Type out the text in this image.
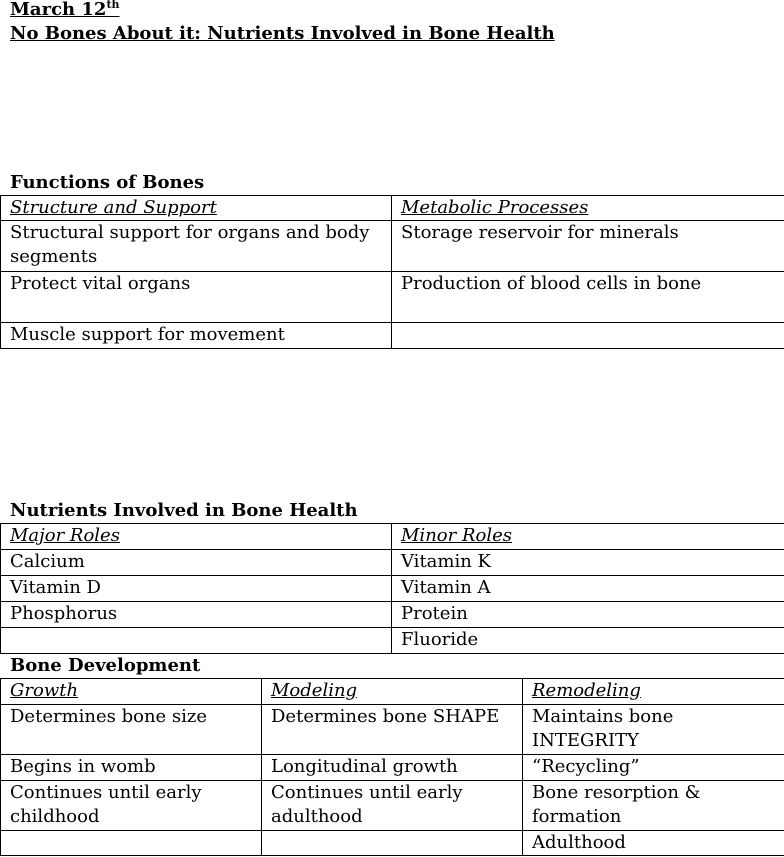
March 12th
No Bones About it: Nutrients Involved in Bone Health
Functions of Bones
Structure and Support	Metabolic Processes
Structural support for organs and body segments	Storage reservoir for minerals
Protect vital organs	Production of blood cells in bone
Muscle support for movement	
Nutrients Involved in Bone Health
Major Roles	Minor Roles
Calcium	Vitamin K
Vitamin D	Vitamin A
Phosphorus	Protein
	Fluoride
Bone Development
Growth	Modeling	Remodeling
Determines bone size	Determines bone SHAPE	Maintains bone INTEGRITY
Begins in womb	Longitudinal growth	“Recycling”
Continues until early childhood	Continues until early adulthood	Bone resorption & formation
		Adulthood
